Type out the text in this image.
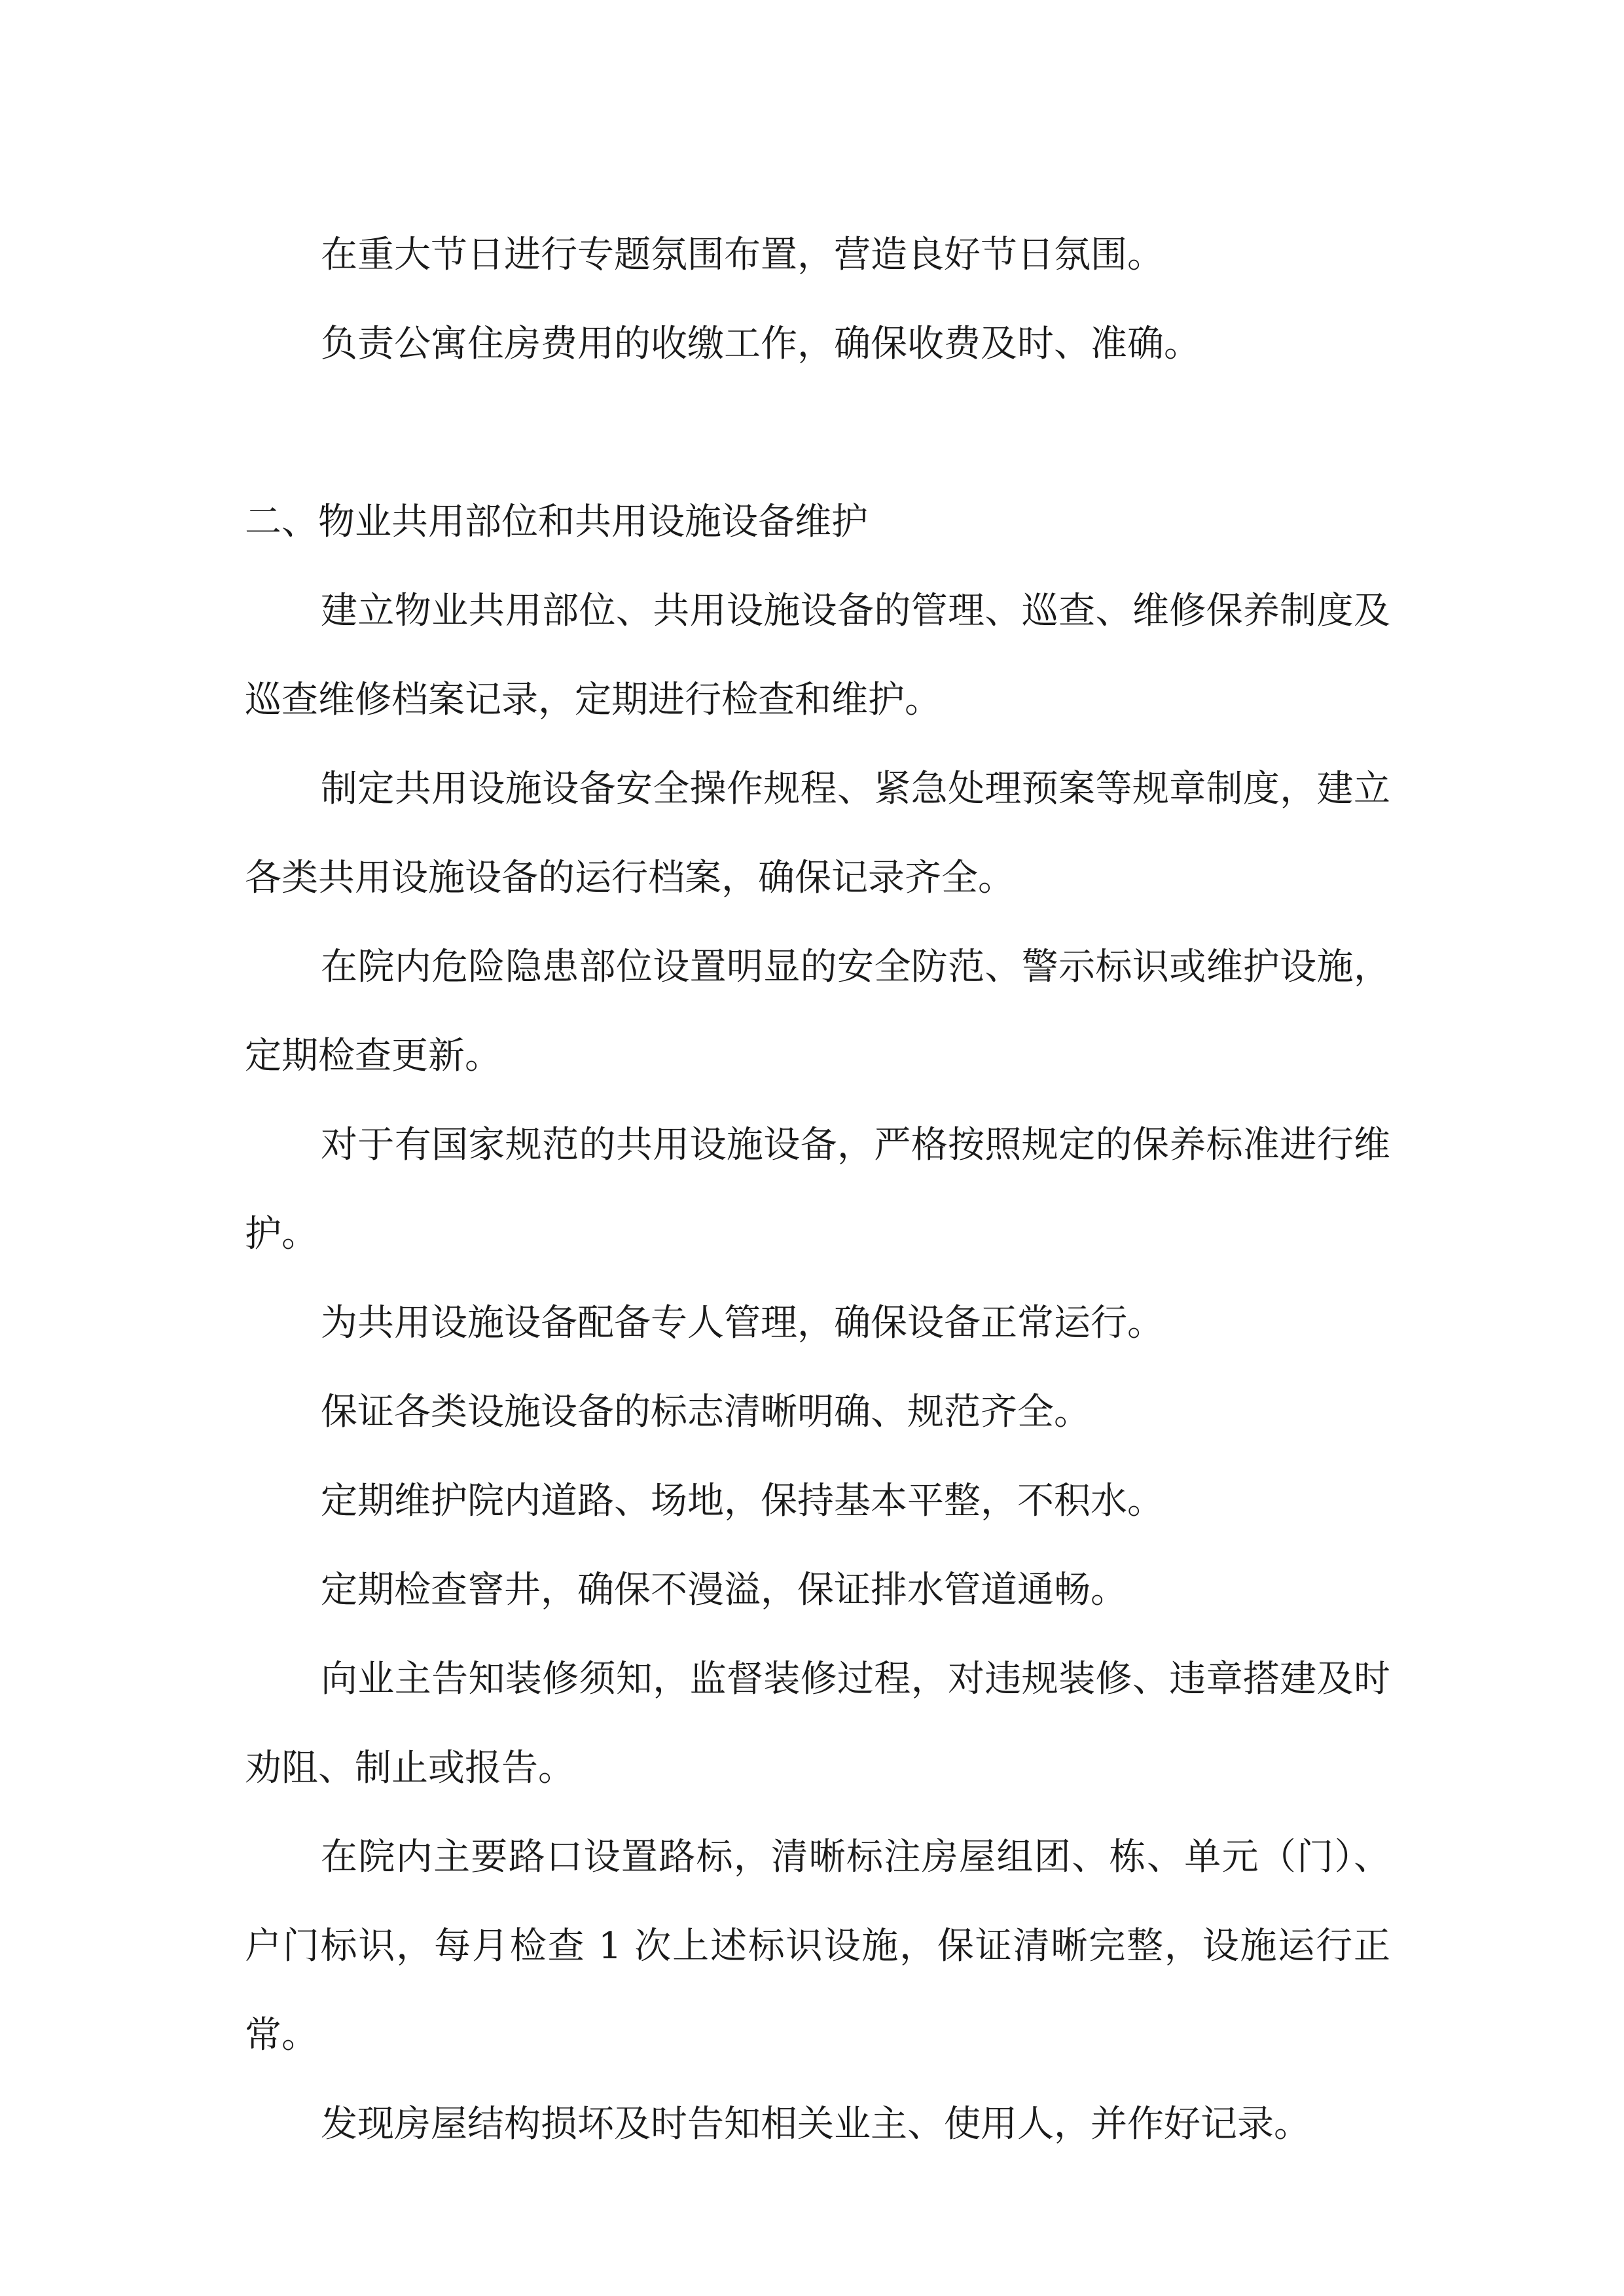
在重大节日进行专题氛围布置，营造良好节日氛围。

负责公寓住房费用的收缴工作，确保收费及时、准确。

二、物业共用部位和共用设施设备维护

建立物业共用部位、共用设施设备的管理、巡查、维修保养制度及巡查维修档案记录，定期进行检查和维护。

制定共用设施设备安全操作规程、紧急处理预案等规章制度，建立各类共用设施设备的运行档案，确保记录齐全。

在院内危险隐患部位设置明显的安全防范、警示标识或维护设施，定期检查更新。

对于有国家规范的共用设施设备，严格按照规定的保养标准进行维护。

为共用设施设备配备专人管理，确保设备正常运行。

保证各类设施设备的标志清晰明确、规范齐全。

定期维护院内道路、场地，保持基本平整，不积水。

定期检查窨井，确保不漫溢，保证排水管道通畅。

向业主告知装修须知，监督装修过程，对违规装修、违章搭建及时劝阻、制止或报告。

在院内主要路口设置路标，清晰标注房屋组团、栋、单元（门）、户门标识，每月检查 1 次上述标识设施，保证清晰完整，设施运行正常。

发现房屋结构损坏及时告知相关业主、使用人，并作好记录。
